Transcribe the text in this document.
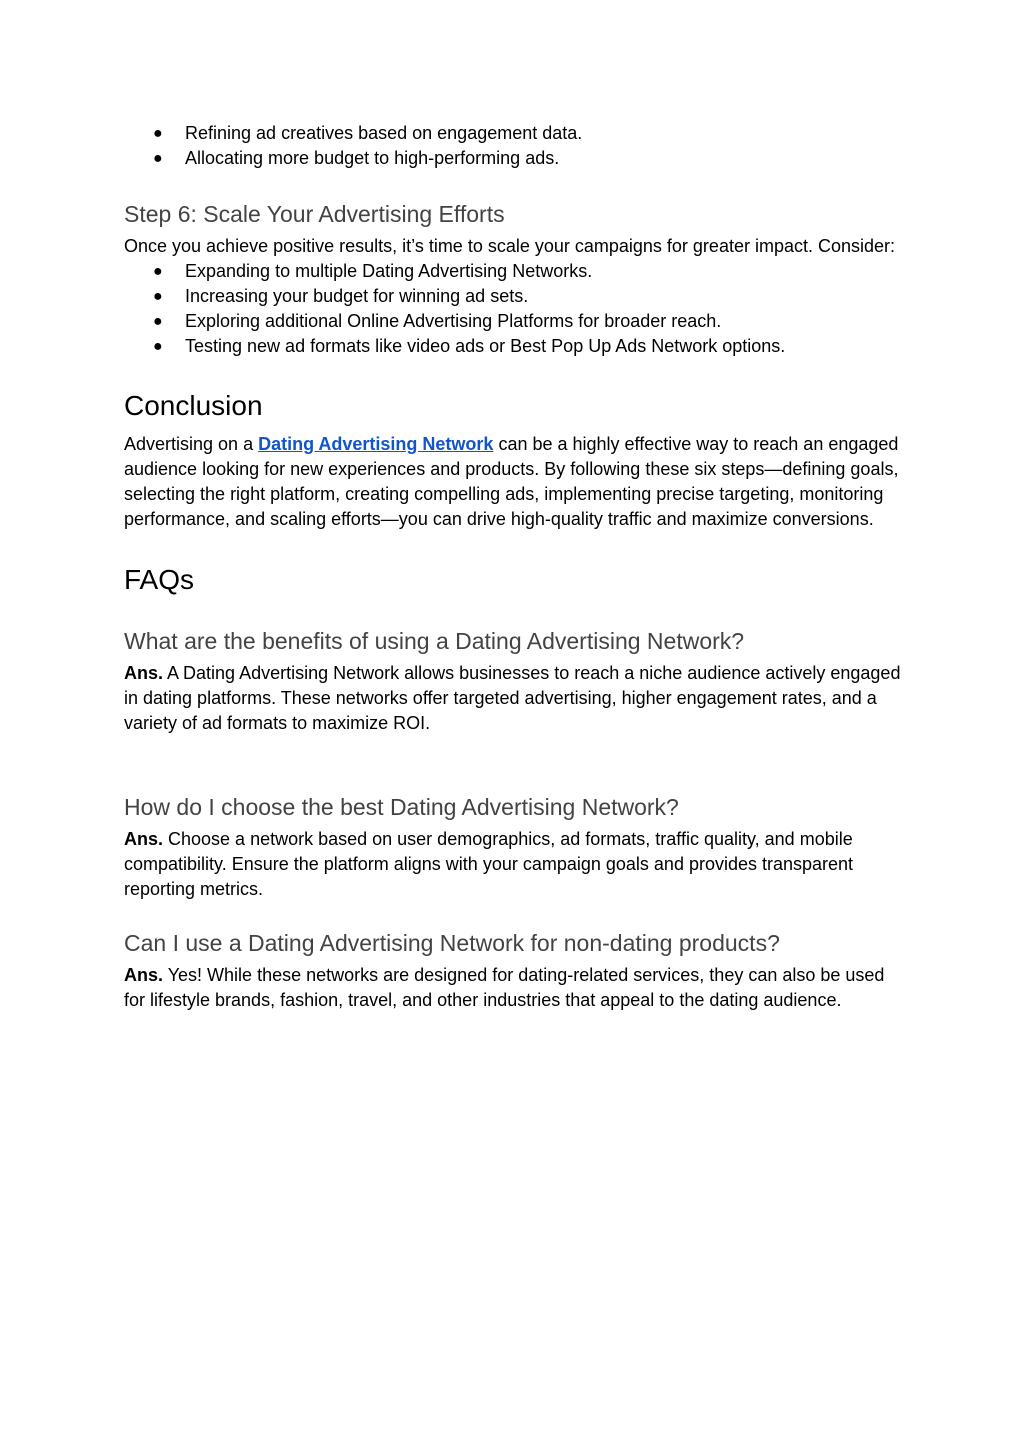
● Refining ad creatives based on engagement data.
● Allocating more budget to high-performing ads.
Step 6: Scale Your Advertising Efforts

Once you achieve positive results, it’s time to scale your campaigns for greater impact. Consider:

● Expanding to multiple Dating Advertising Networks.
● Increasing your budget for winning ad sets.
● Exploring additional Online Advertising Platforms for broader reach.
● Testing new ad formats like video ads or Best Pop Up Ads Network options.
Conclusion

Advertising on a Dating Advertising Network can be a highly effective way to reach an engaged audience looking for new experiences and products. By following these six steps—defining goals, selecting the right platform, creating compelling ads, implementing precise targeting, monitoring performance, and scaling efforts—you can drive high-quality traffic and maximize conversions.

FAQs
What are the benefits of using a Dating Advertising Network?

Ans. A Dating Advertising Network allows businesses to reach a niche audience actively engaged in dating platforms. These networks offer targeted advertising, higher engagement rates, and a variety of ad formats to maximize ROI.

How do I choose the best Dating Advertising Network?

Ans. Choose a network based on user demographics, ad formats, traffic quality, and mobile compatibility. Ensure the platform aligns with your campaign goals and provides transparent reporting metrics.

Can I use a Dating Advertising Network for non-dating products?

Ans. Yes! While these networks are designed for dating-related services, they can also be used for lifestyle brands, fashion, travel, and other industries that appeal to the dating audience.
